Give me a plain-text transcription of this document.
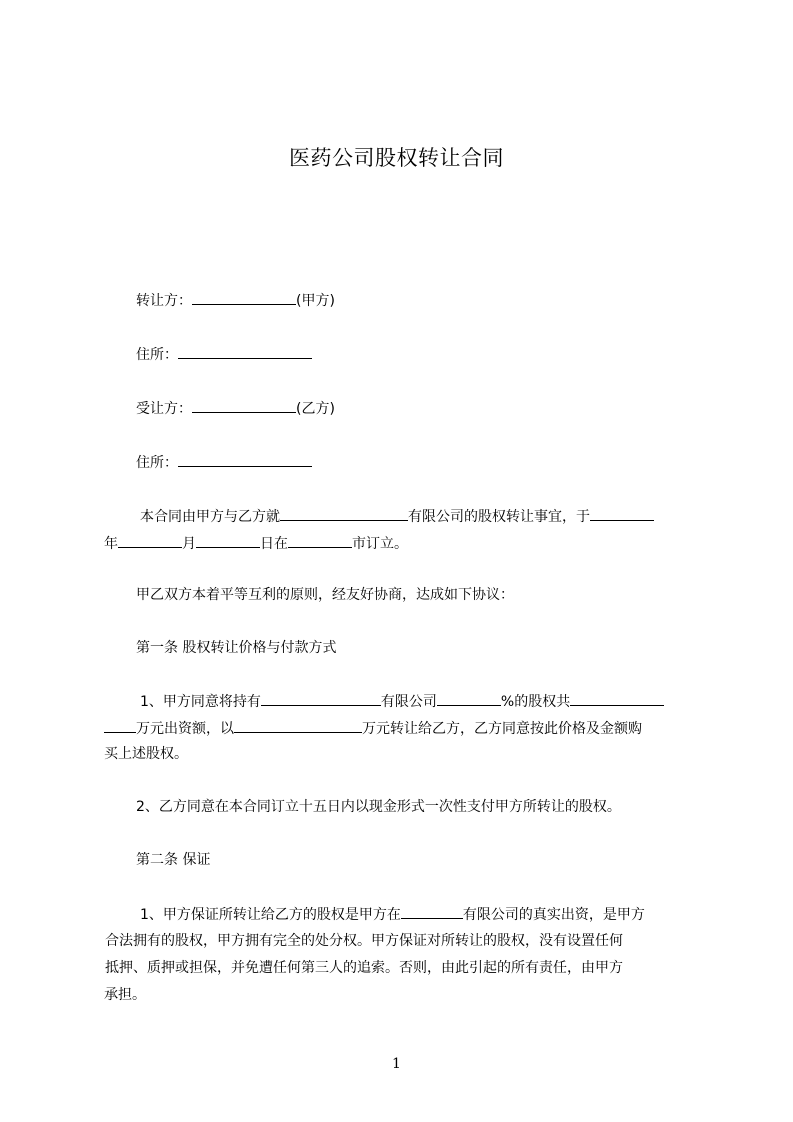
医药公司股权转让合同
转让方：	(甲方)
住所：
受让方：	(乙方)
住所：
本合同由甲方与乙方就	有限公司的股权转让事宜，于
年	月	日在	市订立。
甲乙双方本着平等互利的原则，经友好协商，达成如下协议：
第一条 股权转让价格与付款方式
1、甲方同意将持有	有限公司	%的股权共
万元出资额，以	万元转让给乙方，乙方同意按此价格及金额购
买上述股权。
2、乙方同意在本合同订立十五日内以现金形式一次性支付甲方所转让的股权。
第二条 保证
1、甲方保证所转让给乙方的股权是甲方在	有限公司的真实出资，是甲方
合法拥有的股权，甲方拥有完全的处分权。甲方保证对所转让的股权，没有设置任何
抵押、质押或担保，并免遭任何第三人的追索。否则，由此引起的所有责任，由甲方
承担。
1
